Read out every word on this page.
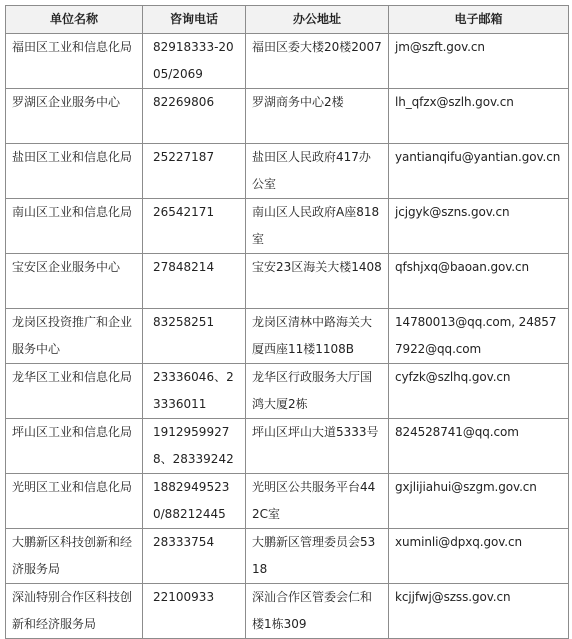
单位名称	咨询电话	办公地址	电子邮箱
福田区工业和信息化局	82918333-2005/2069	福田区委大楼20楼2007	jm@szft.gov.cn
罗湖区企业服务中心	82269806	罗湖商务中心2楼	lh_qfzx@szlh.gov.cn
盐田区工业和信息化局	25227187	盐田区人民政府417办公室	yantianqifu@yantian.gov.cn
南山区工业和信息化局	26542171	南山区人民政府A座818室	jcjgyk@szns.gov.cn
宝安区企业服务中心	27848214	宝安23区海关大楼1408	qfshjxq@baoan.gov.cn
龙岗区投资推广和企业服务中心	83258251	龙岗区清林中路海关大厦西座11楼1108B	14780013@qq.com, 248577922@qq.com
龙华区工业和信息化局	23336046、23336011	龙华区行政服务大厅国鸿大厦2栋	cyfzk@szlhq.gov.cn
坪山区工业和信息化局	19129599278、28339242	坪山区坪山大道5333号	824528741@qq.com
光明区工业和信息化局	18829495230/88212445	光明区公共服务平台442C室	gxjlijiahui@szgm.gov.cn
大鹏新区科技创新和经济服务局	28333754	大鹏新区管理委员会5318	xuminli@dpxq.gov.cn
深汕特别合作区科技创新和经济服务局	22100933	深汕合作区管委会仁和楼1栋309	kcjjfwj@szss.gov.cn
